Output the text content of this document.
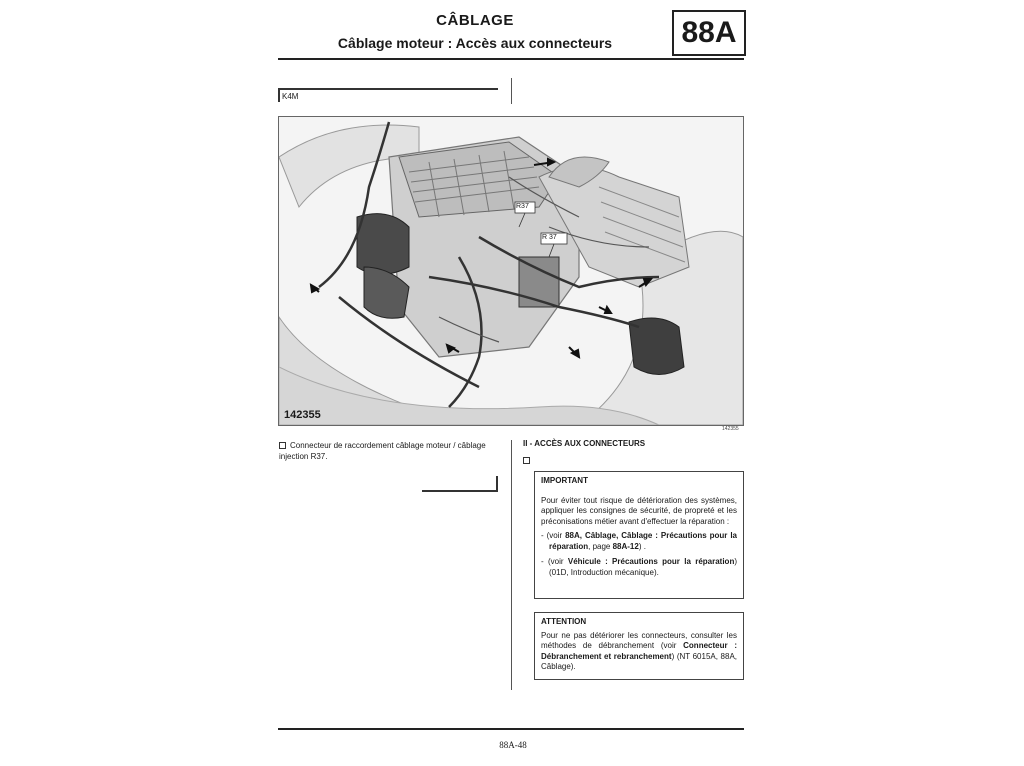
CÂBLAGE
Câblage moteur : Accès aux connecteurs	88A
K4M
R37
R 37
142355
142355
Connecteur de raccordement câblage moteur / câblage injection R37.
II - ACCÈS AUX CONNECTEURS
IMPORTANT

Pour éviter tout risque de détérioration des systèmes, appliquer les consignes de sécurité, de propreté et les préconisations métier avant d'effectuer la réparation :

- (voir 88A, Câblage, Câblage : Précautions pour la réparation, page 88A-12) .

- (voir Véhicule : Précautions pour la réparation) (01D, Introduction mécanique).

ATTENTION

Pour ne pas détériorer les connecteurs, consulter les méthodes de débranchement (voir Connecteur : Débranchement et rebranchement) (NT 6015A, 88A, Câblage).

88A-48
